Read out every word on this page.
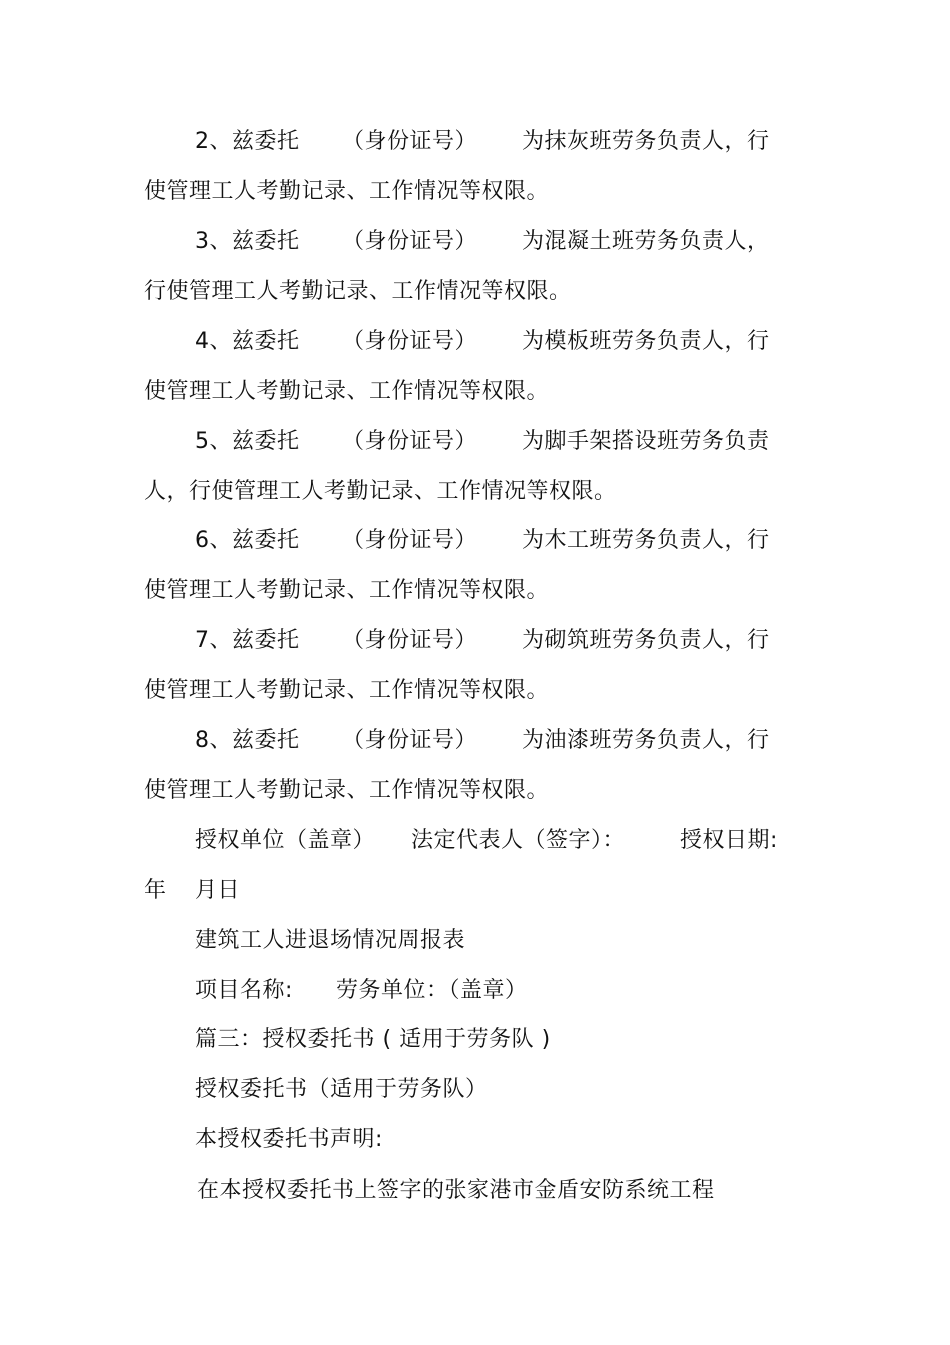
2、兹委托 （身份证号） 为抹灰班劳务负责人，行
使管理工人考勤记录、工作情况等权限。
3、兹委托 （身份证号） 为混凝土班劳务负责人，
行使管理工人考勤记录、工作情况等权限。
4、兹委托 （身份证号） 为模板班劳务负责人，行
使管理工人考勤记录、工作情况等权限。
5、兹委托 （身份证号） 为脚手架搭设班劳务负责
人，行使管理工人考勤记录、工作情况等权限。
6、兹委托 （身份证号） 为木工班劳务负责人，行
使管理工人考勤记录、工作情况等权限。
7、兹委托 （身份证号） 为砌筑班劳务负责人，行
使管理工人考勤记录、工作情况等权限。
8、兹委托 （身份证号） 为油漆班劳务负责人，行
使管理工人考勤记录、工作情况等权限。
授权单位（盖章） 法定代表人（签字）： 授权日期:
年 月日
建筑工人进退场情况周报表
项目名称: 劳务单位：（盖章）
篇三：授权委托书 ( 适用于劳务队 )
授权委托书（适用于劳务队）
本授权委托书声明:
在本授权委托书上签字的张家港市金盾安防系统工程
